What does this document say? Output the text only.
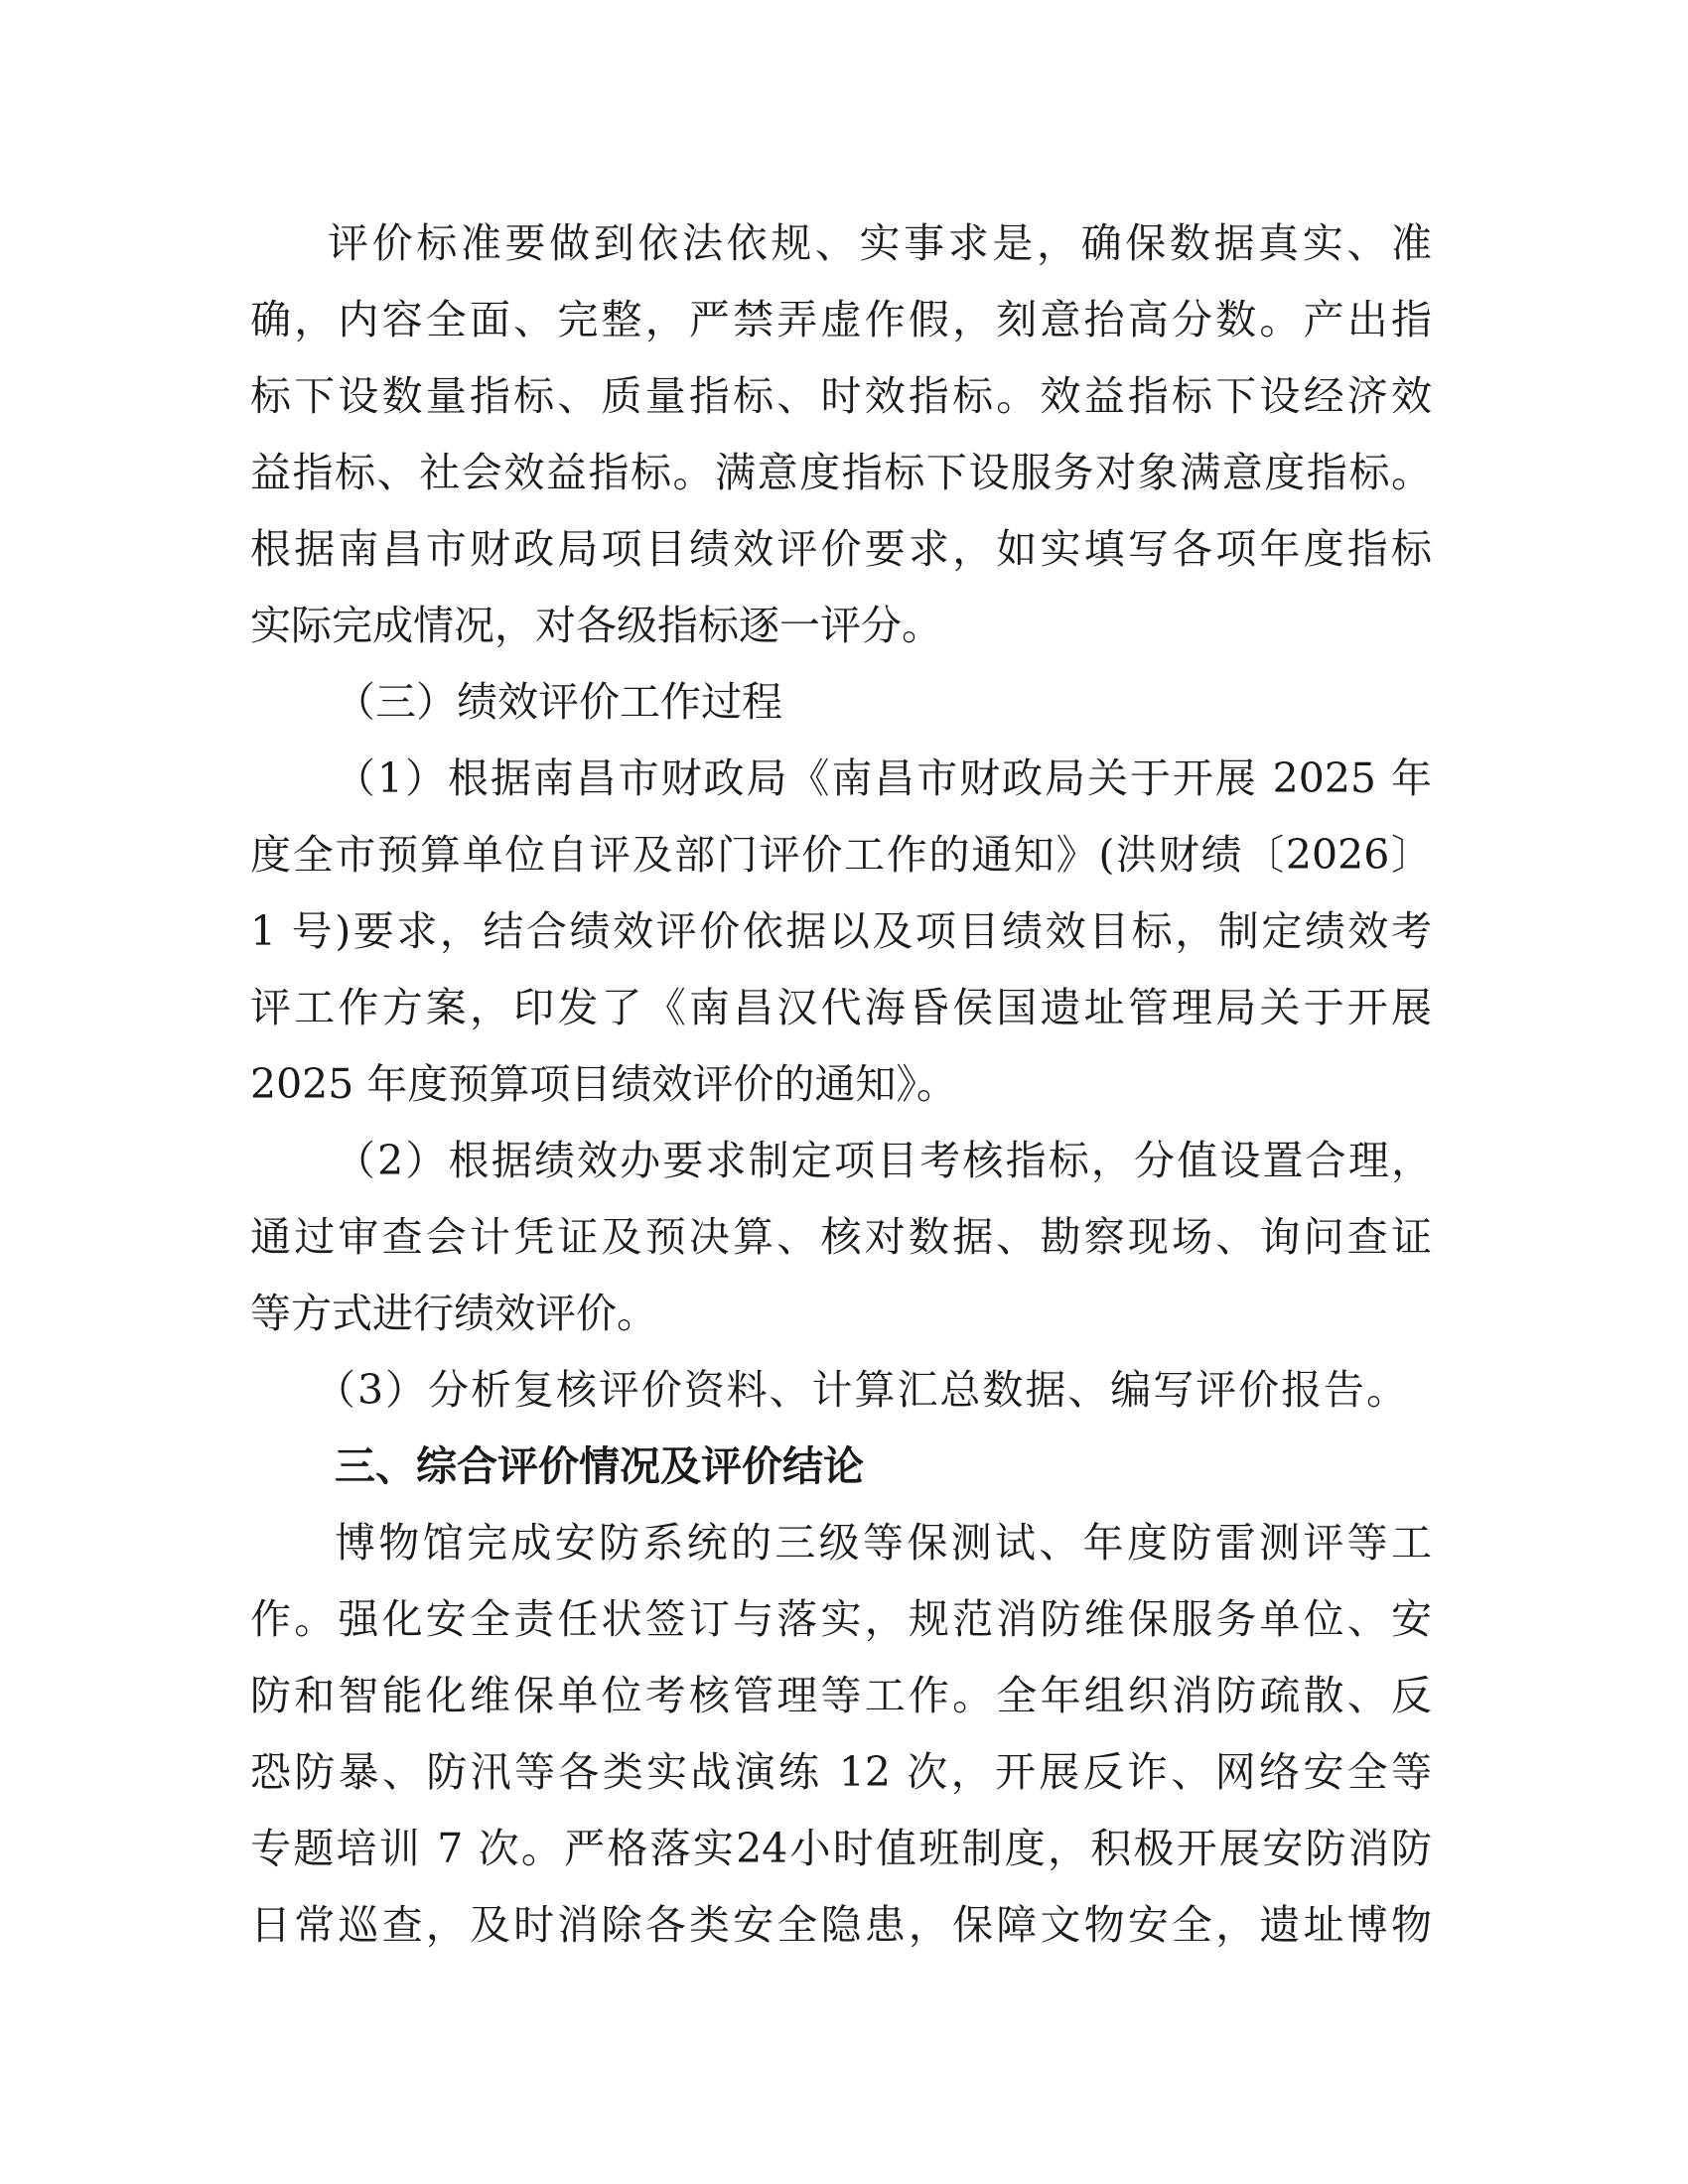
评价标准要做到依法依规、实事求是，确保数据真实、准
确，内容全面、完整，严禁弄虚作假，刻意抬高分数。产出指
标下设数量指标、质量指标、时效指标。效益指标下设经济效
益指标、社会效益指标。满意度指标下设服务对象满意度指标。
根据南昌市财政局项目绩效评价要求，如实填写各项年度指标
实际完成情况，对各级指标逐一评分。
（三）绩效评价工作过程
（1）根据南昌市财政局《南昌市财政局关于开展 2025 年
度全市预算单位自评及部门评价工作的通知》(洪财绩〔2026〕
1 号)要求，结合绩效评价依据以及项目绩效目标，制定绩效考
评工作方案，印发了《南昌汉代海昏侯国遗址管理局关于开展
2025 年度预算项目绩效评价的通知》。
（2）根据绩效办要求制定项目考核指标，分值设置合理，
通过审查会计凭证及预决算、核对数据、勘察现场、询问查证
等方式进行绩效评价。
（3）分析复核评价资料、计算汇总数据、编写评价报告。
三、综合评价情况及评价结论
博物馆完成安防系统的三级等保测试、年度防雷测评等工
作。强化安全责任状签订与落实，规范消防维保服务单位、安
防和智能化维保单位考核管理等工作。全年组织消防疏散、反
恐防暴、防汛等各类实战演练 12 次，开展反诈、网络安全等
专题培训 7 次。严格落实24小时值班制度，积极开展安防消防
日常巡查，及时消除各类安全隐患，保障文物安全，遗址博物
